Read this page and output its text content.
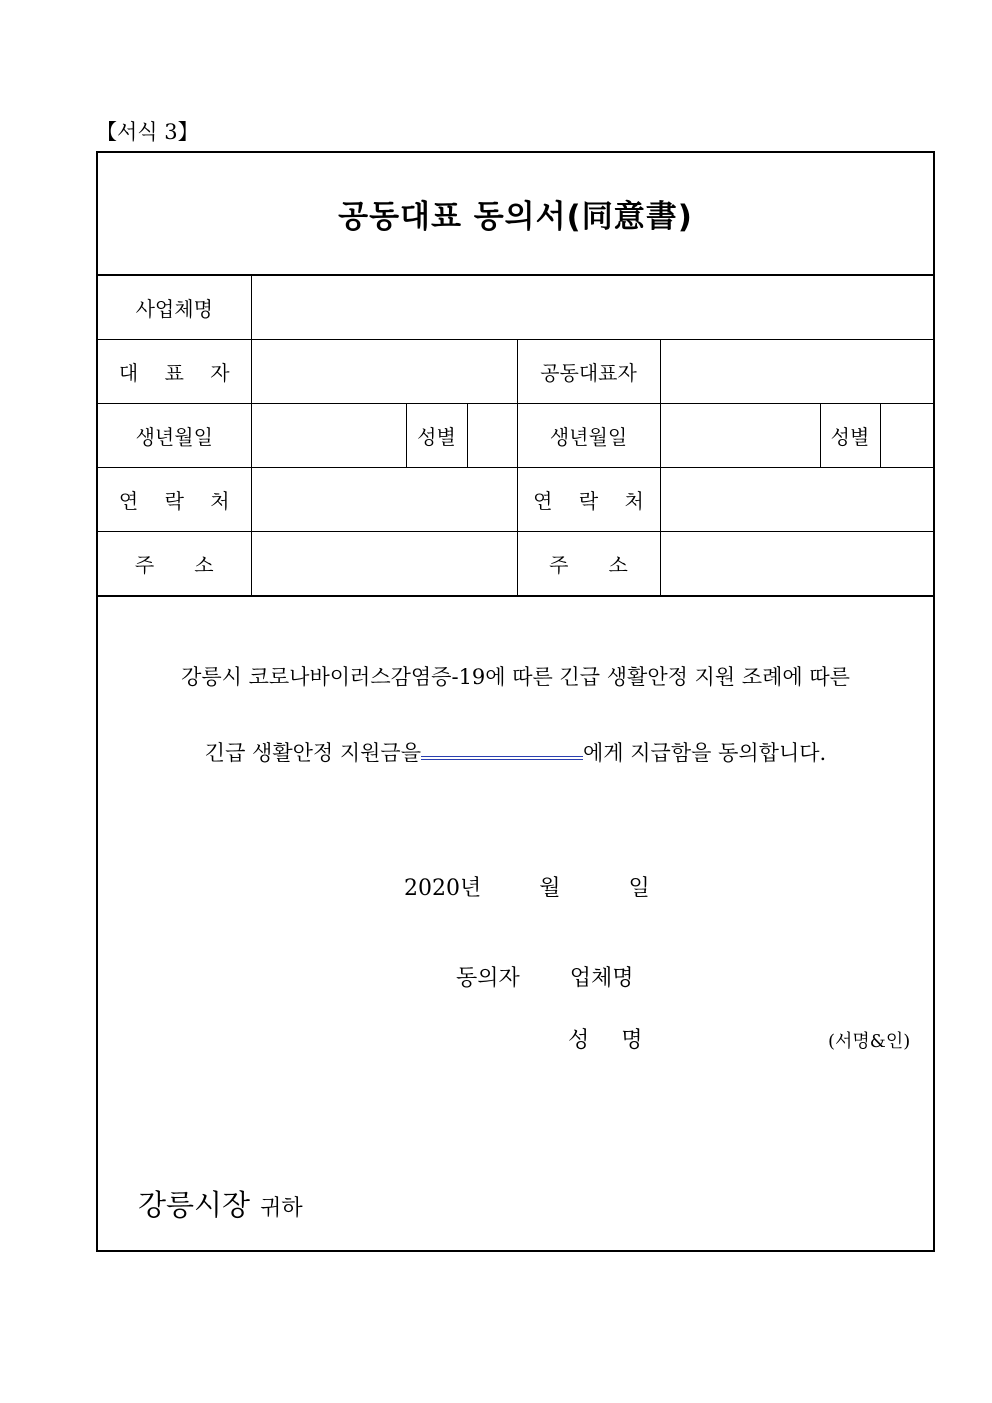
【서식 3】
공동대표 동의서(同意書)
사업체명							
대 표 자				공동대표자			
생년월일		성별		생년월일		성별	
연 락 처				연 락 처			
주　소				주　소			
강릉시 코로나바이러스감염증-19에 따른 긴급 생활안정 지원 조례에 따른
긴급 생활안정 지원금을	에게 지급함을 동의합니다.
2020년	월	일
동의자 업체명
성  명	(서명&인)
강릉시장 귀하
